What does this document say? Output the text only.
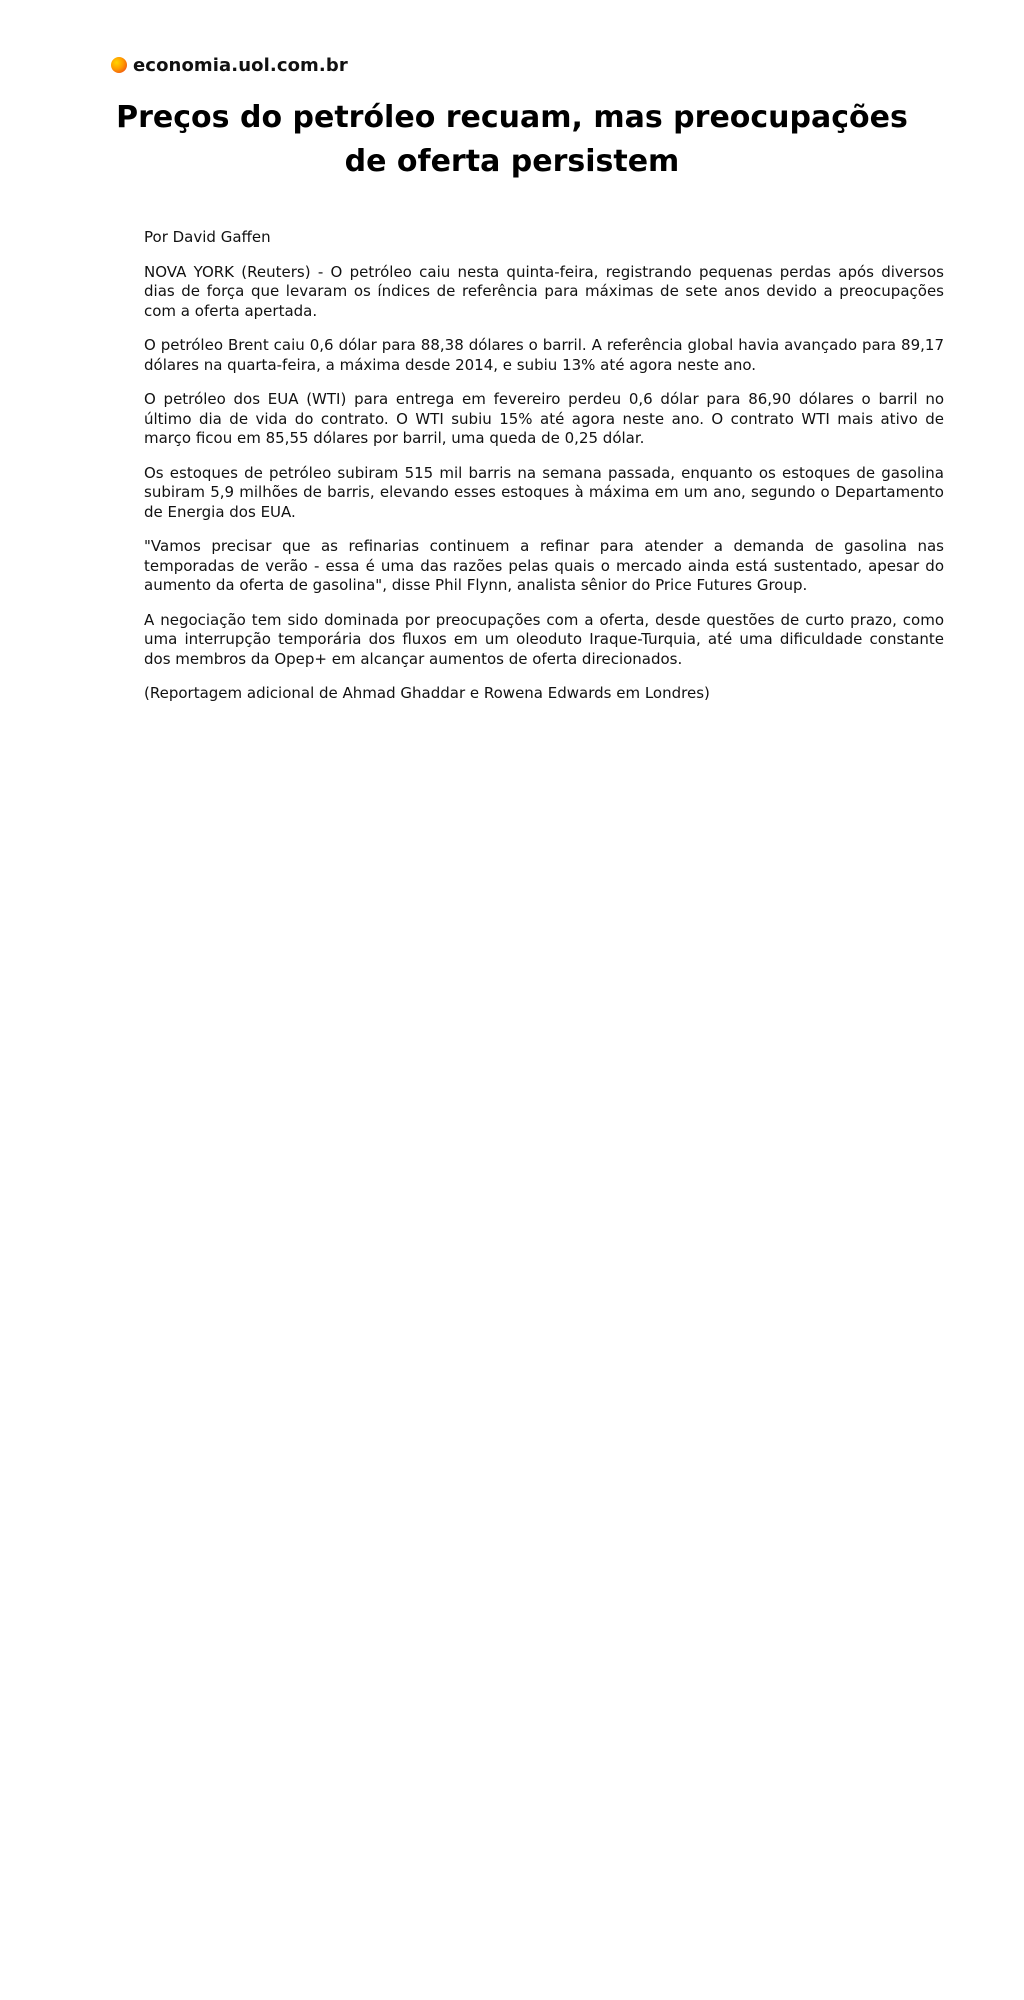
economia.uol.com.br
Preços do petróleo recuam, mas preocupações de oferta persistem

Por David Gaffen

NOVA YORK (Reuters) - O petróleo caiu nesta quinta-feira, registrando pequenas perdas após diversos dias de força que levaram os índices de referência para máximas de sete anos devido a preocupações com a oferta apertada.

O petróleo Brent caiu 0,6 dólar para 88,38 dólares o barril. A referência global havia avançado para 89,17 dólares na quarta-feira, a máxima desde 2014, e subiu 13% até agora neste ano.

O petróleo dos EUA (WTI) para entrega em fevereiro perdeu 0,6 dólar para 86,90 dólares o barril no último dia de vida do contrato. O WTI subiu 15% até agora neste ano. O contrato WTI mais ativo de março ficou em 85,55 dólares por barril, uma queda de 0,25 dólar.

Os estoques de petróleo subiram 515 mil barris na semana passada, enquanto os estoques de gasolina subiram 5,9 milhões de barris, elevando esses estoques à máxima em um ano, segundo o Departamento de Energia dos EUA.

"Vamos precisar que as refinarias continuem a refinar para atender a demanda de gasolina nas temporadas de verão - essa é uma das razões pelas quais o mercado ainda está sustentado, apesar do aumento da oferta de gasolina", disse Phil Flynn, analista sênior do Price Futures Group.

A negociação tem sido dominada por preocupações com a oferta, desde questões de curto prazo, como uma interrupção temporária dos fluxos em um oleoduto Iraque-Turquia, até uma dificuldade constante dos membros da Opep+ em alcançar aumentos de oferta direcionados.

(Reportagem adicional de Ahmad Ghaddar e Rowena Edwards em Londres)
